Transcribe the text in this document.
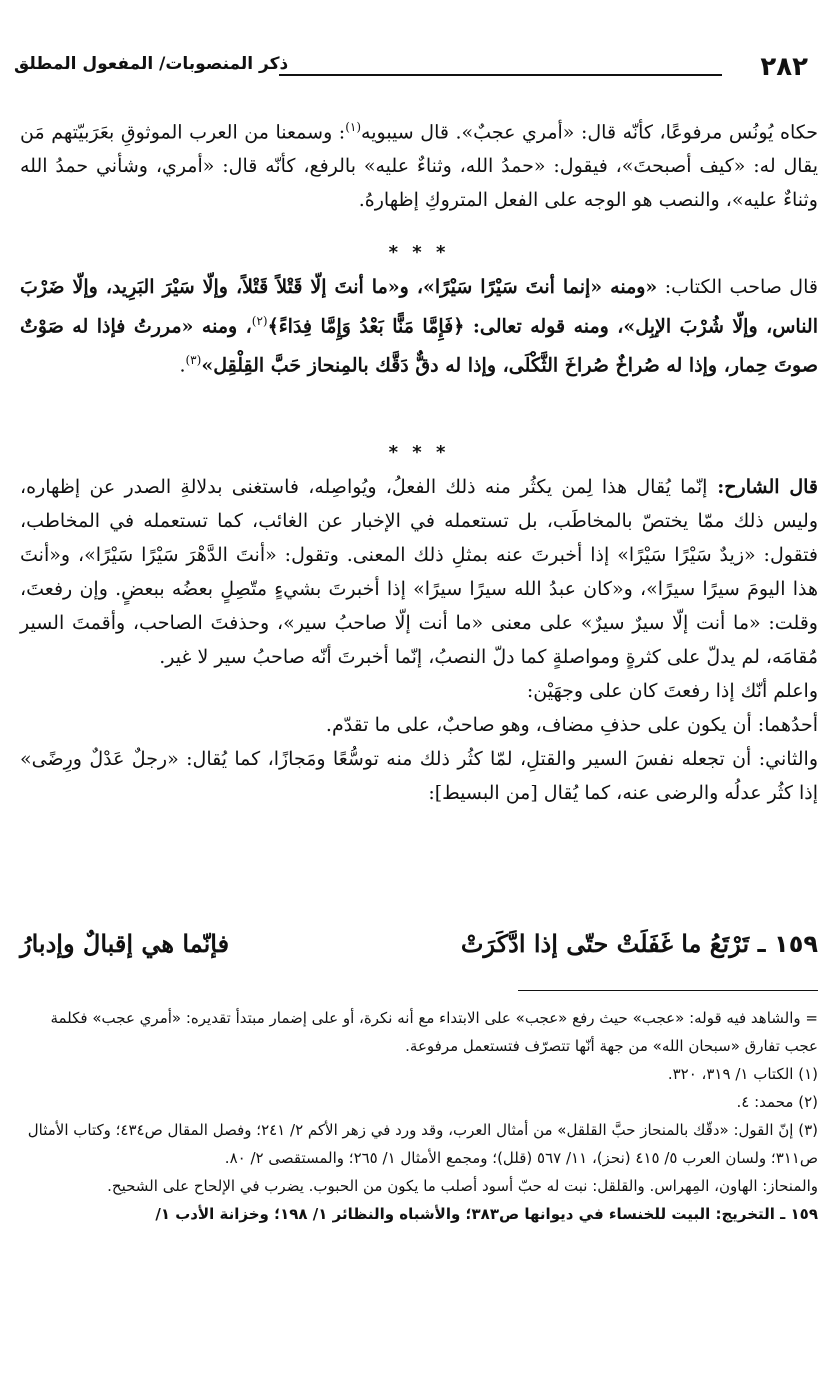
٢٨٢
ذكر المنصوبات/ المفعول المطلق

حكاه يُونُس مرفوعًا، كأنّه قال: «أمري عجبٌ». قال سيبويه$^{(١)}$: وسمعنا من العرب الموثوقِ بعَرَبيّتهم مَن يقال له: «كيف أصبحتَ»، فيقول: «حمدُ الله، وثناءٌ عليه» بالرفع، كأنّه قال: «أمري، وشأني حمدُ الله وثناءٌ عليه»، والنصب هو الوجه على الفعل المتروكِ إظهارهُ.

* * *

قال صاحب الكتاب: «ومنه «إنما أنتَ سَيْرًا سَيْرًا»، و«ما أنتَ إلّا قَتْلاً قَتْلاً، وإلّا سَيْرَ البَرِيد، وإلّا ضَرْبَ الناس، وإلّا شُرْبَ الإبِل»، ومنه قوله تعالى: ﴿فَإِمَّا مَنًّا بَعْدُ وَإِمَّا فِدَاءً﴾$^{(٢)}$، ومنه «مررتُ فإذا له صَوْتٌ صوتَ حِمار، وإذا له صُراخٌ صُراخَ الثَّكْلَى، وإذا له دقٌّ دَقَّك بالمِنحاز حَبَّ القِلْقِل»$^{(٣)}$.

* * *

قال الشارح: إنّما يُقال هذا لِمن يكثُر منه ذلك الفعلُ، ويُواصِله، فاستغنى بدلالةِ الصدر عن إظهاره، وليس ذلك ممّا يختصّ بالمخاطَب، بل تستعمله في الإخبار عن الغائب، كما تستعمله في المخاطب، فتقول: «زيدٌ سَيْرًا سَيْرًا» إذا أخبرتَ عنه بمثلِ ذلك المعنى. وتقول: «أنتَ الدَّهْرَ سَيْرًا سَيْرًا»، و«أنتَ هذا اليومَ سيرًا سيرًا»، و«كان عبدُ الله سيرًا سيرًا» إذا أخبرتَ بشيءٍ متّصِلٍ بعضُه ببعضٍ. وإن رفعتَ، وقلت: «ما أنت إلّا سيرٌ سيرٌ» على معنى «ما أنت إلّا صاحبُ سير»، وحذفتَ الصاحب، وأقمتَ السير مُقامَه، لم يدلّ على كثرةٍ ومواصلةٍ كما دلّ النصبُ، إنّما أخبرتَ أنّه صاحبُ سير لا غير.

واعلم أنّك إذا رفعتَ كان على وجهَيْن:

أحدُهما: أن يكون على حذفِ مضاف، وهو صاحبٌ، على ما تقدّم.

والثاني: أن تجعله نفسَ السير والقتلِ، لمّا كثُر ذلك منه توسُّعًا ومَجازًا، كما يُقال: «رجلٌ عَدْلٌ ورِضًى» إذا كثُر عدلُه والرضى عنه، كما يُقال [من البسيط]:

١٥٩ ـ تَرْتَعُ ما غَفَلَتْ حتّى إذا ادَّكَرَتْ
فإنّما هي إقبالٌ وإدبارُ

= والشاهد فيه قوله: «عجب» حيث رفع «عجب» على الابتداء مع أنه نكرة، أو على إضمار مبتدأ تقديره: «أمري عجب» فكلمة عجب تفارق «سبحان الله» من جهة أنّها تتصرّف فتستعمل مرفوعة.

(١) الكتاب ١/ ٣١٩، ٣٢٠.

(٢) محمد: ٤.

(٣) إنّ القول: «دقّك بالمنحاز حبَّ القلقل» من أمثال العرب، وقد ورد في زهر الأكم ٢/ ٢٤١؛ وفصل المقال ص٤٣٤؛ وكتاب الأمثال ص٣١١؛ ولسان العرب ٥/ ٤١٥ (نحز)، ١١/ ٥٦٧ (قلل)؛ ومجمع الأمثال ١/ ٢٦٥؛ والمستقصى ٢/ ٨٠.

والمنحاز: الهاون، المِهراس. والقلقل: نبت له حبّ أسود أصلب ما يكون من الحبوب. يضرب في الإلحاح على الشحيح.

١٥٩ ـ التخريج: البيت للخنساء في ديوانها ص٣٨٣؛ والأشباه والنظائر ١/ ١٩٨؛ وخزانة الأدب ١/
